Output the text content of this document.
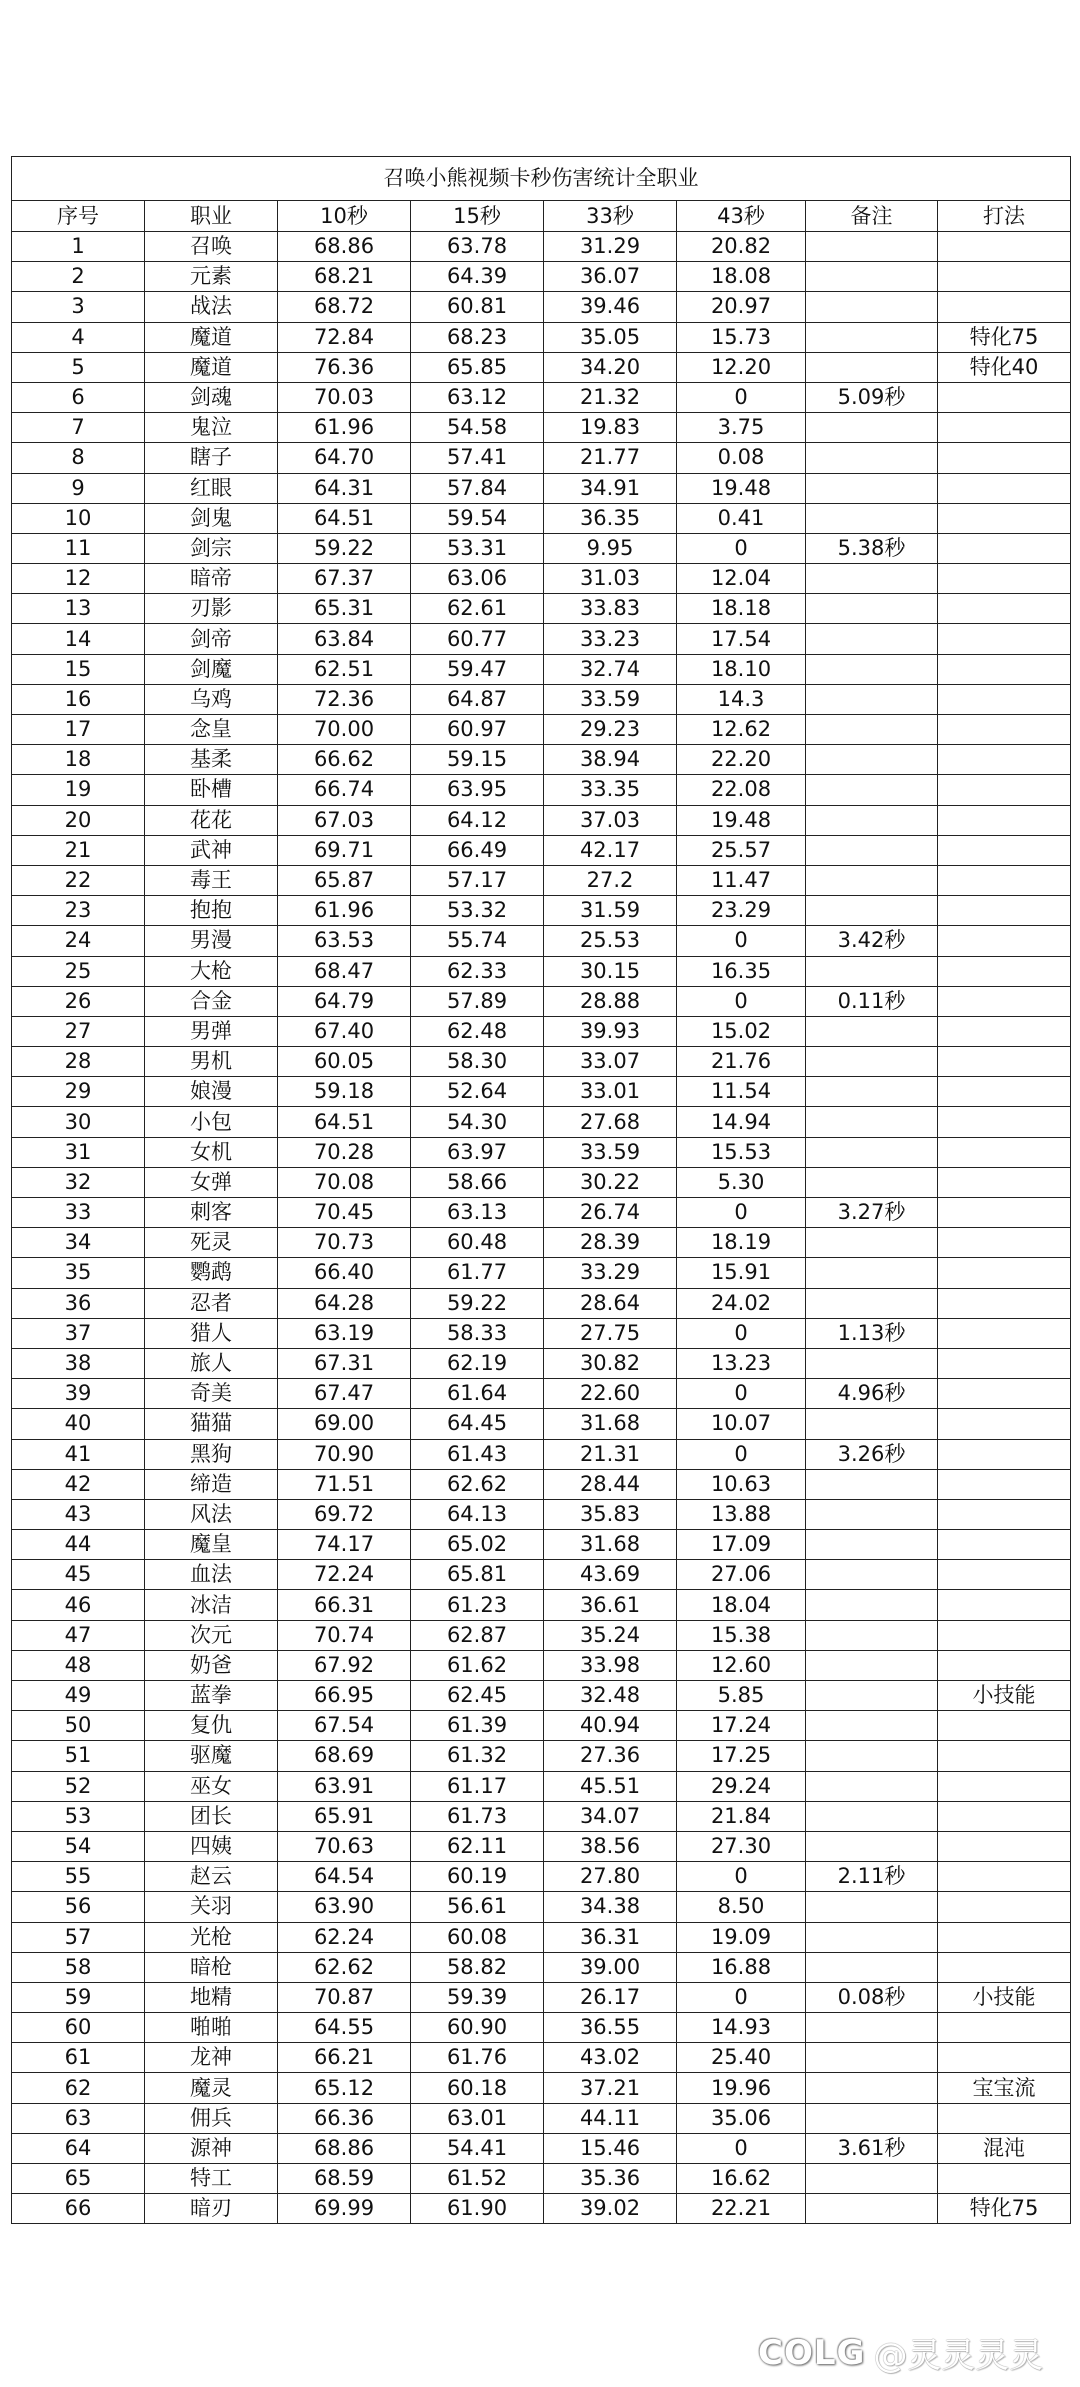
召唤小熊视频卡秒伤害统计全职业							
序号	职业	10秒	15秒	33秒	43秒	备注	打法
1	召唤	68.86	63.78	31.29	20.82		
2	元素	68.21	64.39	36.07	18.08		
3	战法	68.72	60.81	39.46	20.97		
4	魔道	72.84	68.23	35.05	15.73		特化75
5	魔道	76.36	65.85	34.20	12.20		特化40
6	剑魂	70.03	63.12	21.32	0	5.09秒	
7	鬼泣	61.96	54.58	19.83	3.75		
8	瞎子	64.70	57.41	21.77	0.08		
9	红眼	64.31	57.84	34.91	19.48		
10	剑鬼	64.51	59.54	36.35	0.41		
11	剑宗	59.22	53.31	9.95	0	5.38秒	
12	暗帝	67.37	63.06	31.03	12.04		
13	刃影	65.31	62.61	33.83	18.18		
14	剑帝	63.84	60.77	33.23	17.54		
15	剑魔	62.51	59.47	32.74	18.10		
16	乌鸡	72.36	64.87	33.59	14.3		
17	念皇	70.00	60.97	29.23	12.62		
18	基柔	66.62	59.15	38.94	22.20		
19	卧槽	66.74	63.95	33.35	22.08		
20	花花	67.03	64.12	37.03	19.48		
21	武神	69.71	66.49	42.17	25.57		
22	毒王	65.87	57.17	27.2	11.47		
23	抱抱	61.96	53.32	31.59	23.29		
24	男漫	63.53	55.74	25.53	0	3.42秒	
25	大枪	68.47	62.33	30.15	16.35		
26	合金	64.79	57.89	28.88	0	0.11秒	
27	男弹	67.40	62.48	39.93	15.02		
28	男机	60.05	58.30	33.07	21.76		
29	娘漫	59.18	52.64	33.01	11.54		
30	小包	64.51	54.30	27.68	14.94		
31	女机	70.28	63.97	33.59	15.53		
32	女弹	70.08	58.66	30.22	5.30		
33	刺客	70.45	63.13	26.74	0	3.27秒	
34	死灵	70.73	60.48	28.39	18.19		
35	鹦鹉	66.40	61.77	33.29	15.91		
36	忍者	64.28	59.22	28.64	24.02		
37	猎人	63.19	58.33	27.75	0	1.13秒	
38	旅人	67.31	62.19	30.82	13.23		
39	奇美	67.47	61.64	22.60	0	4.96秒	
40	猫猫	69.00	64.45	31.68	10.07		
41	黑狗	70.90	61.43	21.31	0	3.26秒	
42	缔造	71.51	62.62	28.44	10.63		
43	风法	69.72	64.13	35.83	13.88		
44	魔皇	74.17	65.02	31.68	17.09		
45	血法	72.24	65.81	43.69	27.06		
46	冰洁	66.31	61.23	36.61	18.04		
47	次元	70.74	62.87	35.24	15.38		
48	奶爸	67.92	61.62	33.98	12.60		
49	蓝拳	66.95	62.45	32.48	5.85		小技能
50	复仇	67.54	61.39	40.94	17.24		
51	驱魔	68.69	61.32	27.36	17.25		
52	巫女	63.91	61.17	45.51	29.24		
53	团长	65.91	61.73	34.07	21.84		
54	四姨	70.63	62.11	38.56	27.30		
55	赵云	64.54	60.19	27.80	0	2.11秒	
56	关羽	63.90	56.61	34.38	8.50		
57	光枪	62.24	60.08	36.31	19.09		
58	暗枪	62.62	58.82	39.00	16.88		
59	地精	70.87	59.39	26.17	0	0.08秒	小技能
60	啪啪	64.55	60.90	36.55	14.93		
61	龙神	66.21	61.76	43.02	25.40		
62	魔灵	65.12	60.18	37.21	19.96		宝宝流
63	佣兵	66.36	63.01	44.11	35.06		
64	源神	68.86	54.41	15.46	0	3.61秒	混沌
65	特工	68.59	61.52	35.36	16.62		
66	暗刃	69.99	61.90	39.02	22.21		特化75
COLG @灵灵灵灵
